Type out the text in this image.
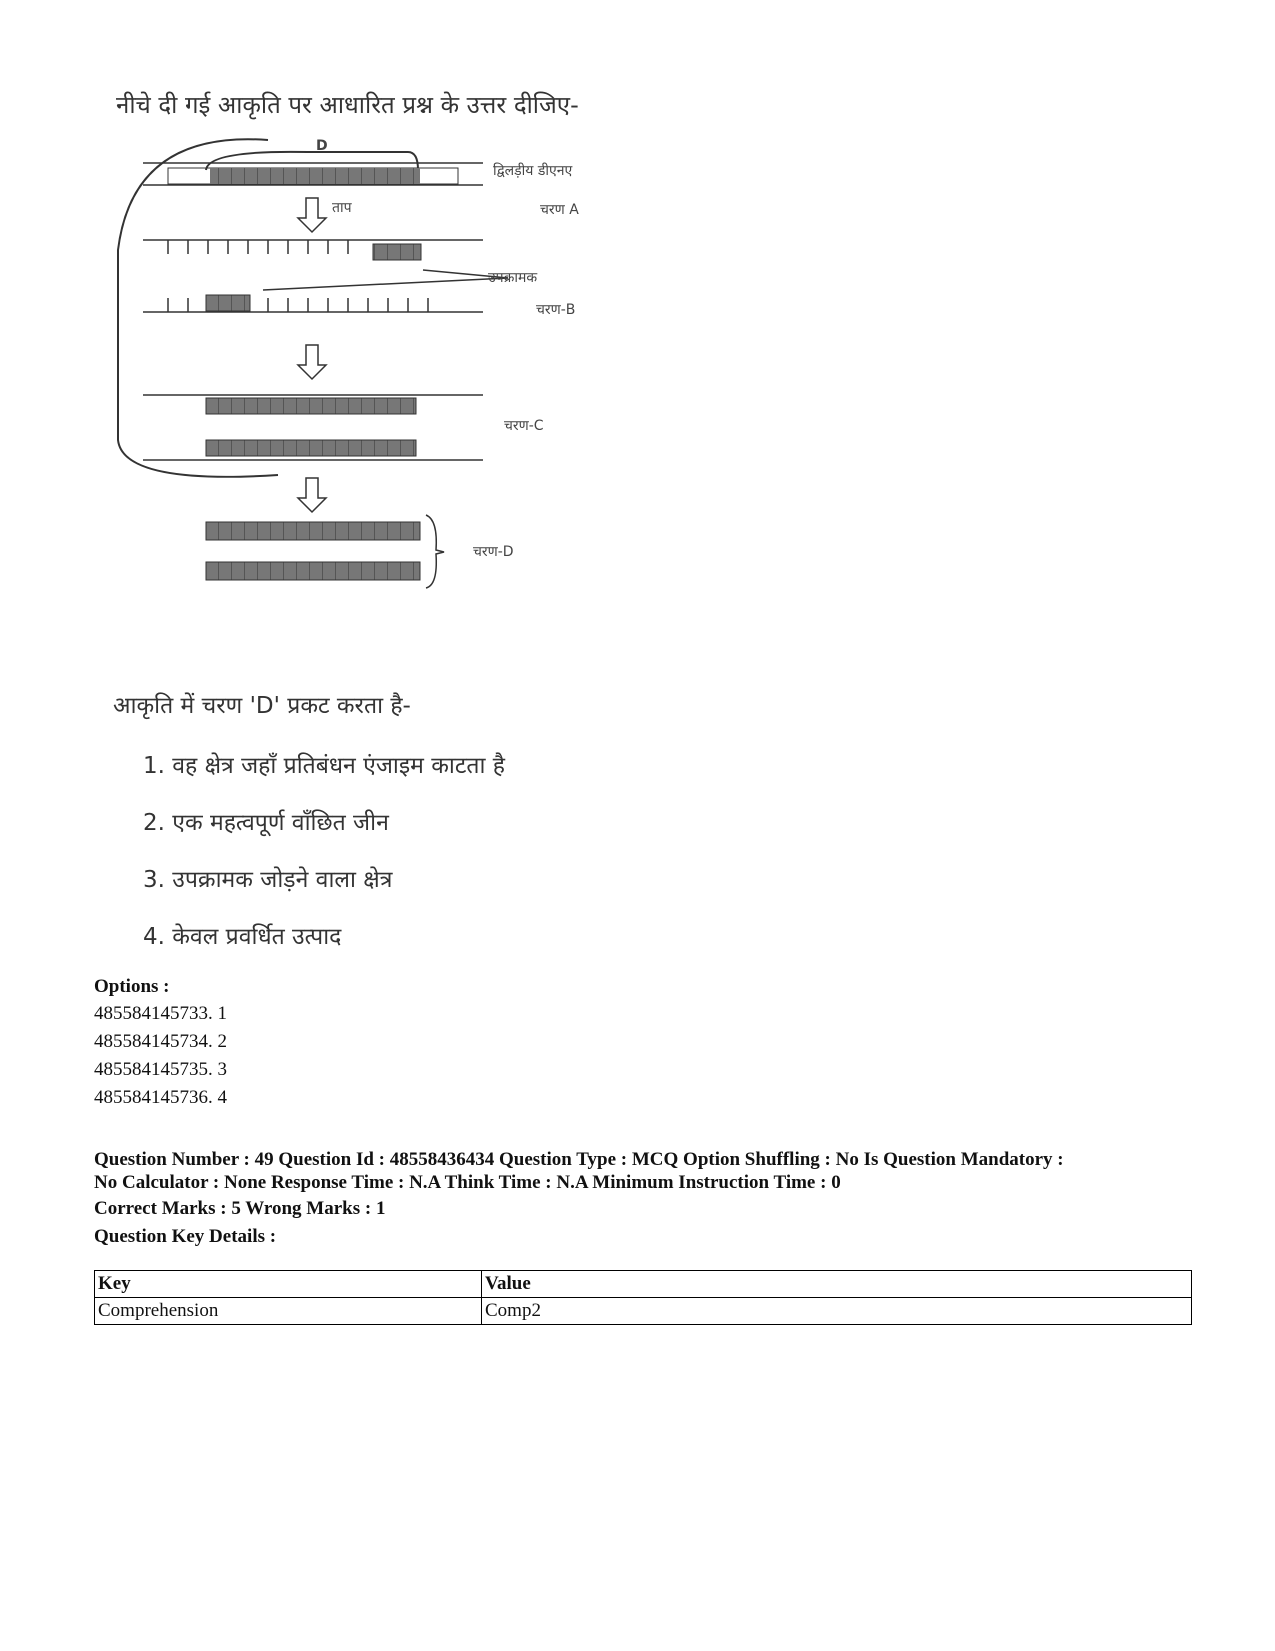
नीचे दी गई आकृति पर आधारित प्रश्न के उत्तर दीजिए-
D
द्विलड़ीय डीएनए
ताप	चरण A
उपक्रामक
चरण-B
चरण-C
चरण-D
आकृति में चरण 'D' प्रकट करता है-
1. वह क्षेत्र जहाँ प्रतिबंधन एंजाइम काटता है
2. एक महत्वपूर्ण वाँछित जीन
3. उपक्रामक जोड़ने वाला क्षेत्र
4. केवल प्रवर्धित उत्पाद
Options :
485584145733. 1
485584145734. 2
485584145735. 3
485584145736. 4
Question Number : 49 Question Id : 48558436434 Question Type : MCQ Option Shuffling : No Is Question Mandatory :
No Calculator : None Response Time : N.A Think Time : N.A Minimum Instruction Time : 0
Correct Marks : 5 Wrong Marks : 1
Question Key Details :
Key	Value
Comprehension	Comp2
